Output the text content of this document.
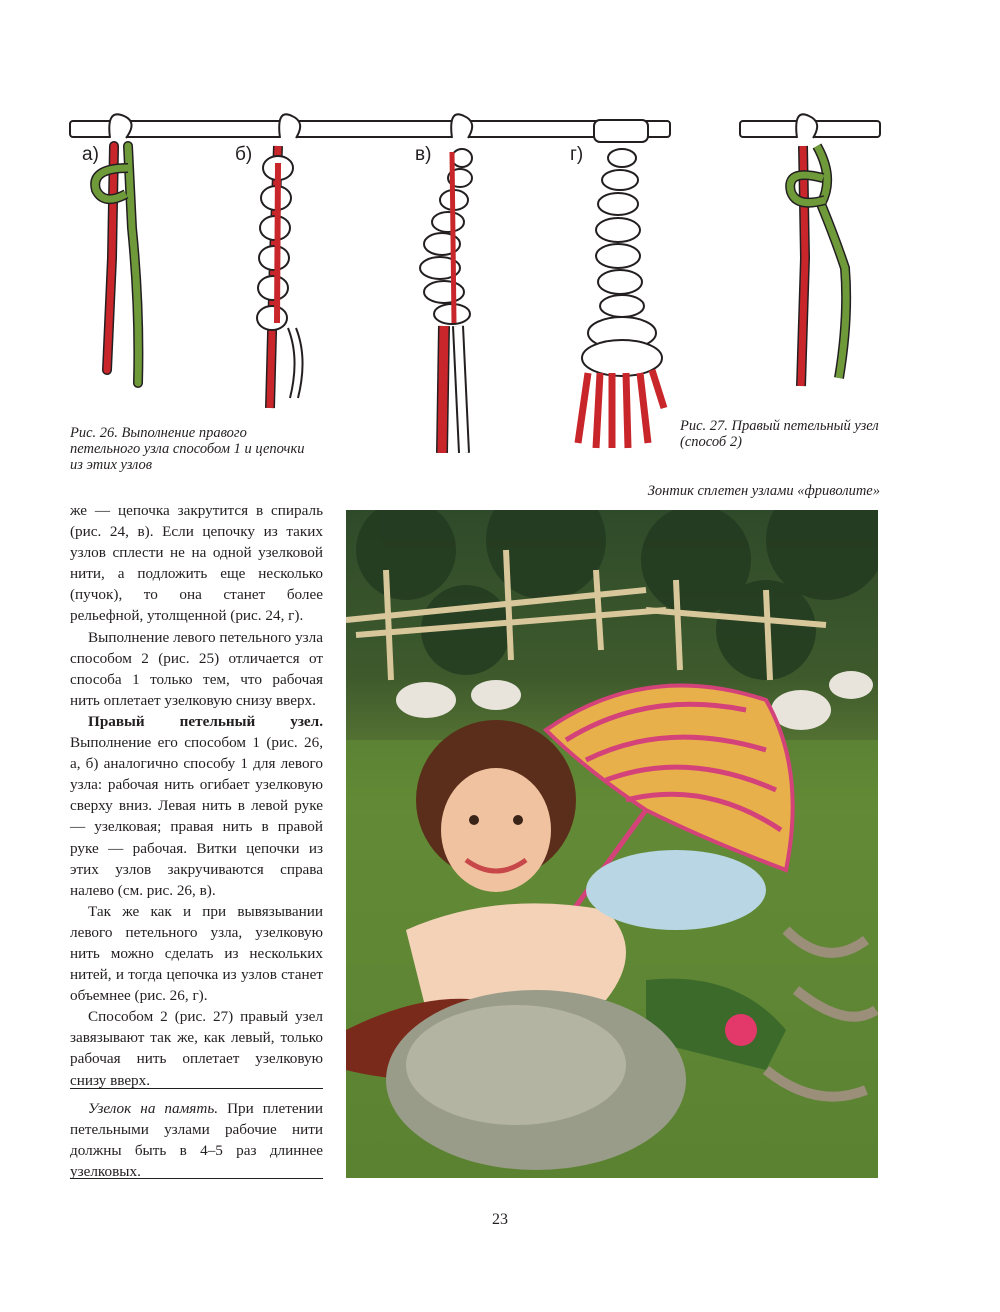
а)	б)	в)	г)
Рис. 26. Выполнение правого петельного узла способом 1 и цепочки из этих узлов
Рис. 27. Правый петельный узел (способ 2)
Зонтик сплетен узлами «фриволите»

же — цепочка закрутится в спираль (рис. 24, в). Если цепочку из таких узлов сплести не на одной узелковой нити, а подложить еще несколько (пучок), то она станет более рельефной, утолщенной (рис. 24, г).

Выполнение левого петельного узла способом 2 (рис. 25) отличается от способа 1 только тем, что рабочая нить оплетает узелковую снизу вверх.

Правый петельный узел. Выполнение его способом 1 (рис. 26, а, б) аналогично способу 1 для левого узла: рабочая нить огибает узелковую сверху вниз. Левая нить в левой руке — узелковая; правая нить в правой руке — рабочая. Витки цепочки из этих узлов закручиваются справа налево (см. рис. 26, в).

Так же как и при вывязывании левого петельного узла, узелковую нить можно сделать из нескольких нитей, и тогда цепочка из узлов станет объемнее (рис. 26, г).

Способом 2 (рис. 27) правый узел завязывают так же, как левый, только рабочая нить оплетает узелковую снизу вверх.

Узелок на память. При плетении петельными узлами рабочие нити должны быть в 4–5 раз длиннее узелковых.
23
